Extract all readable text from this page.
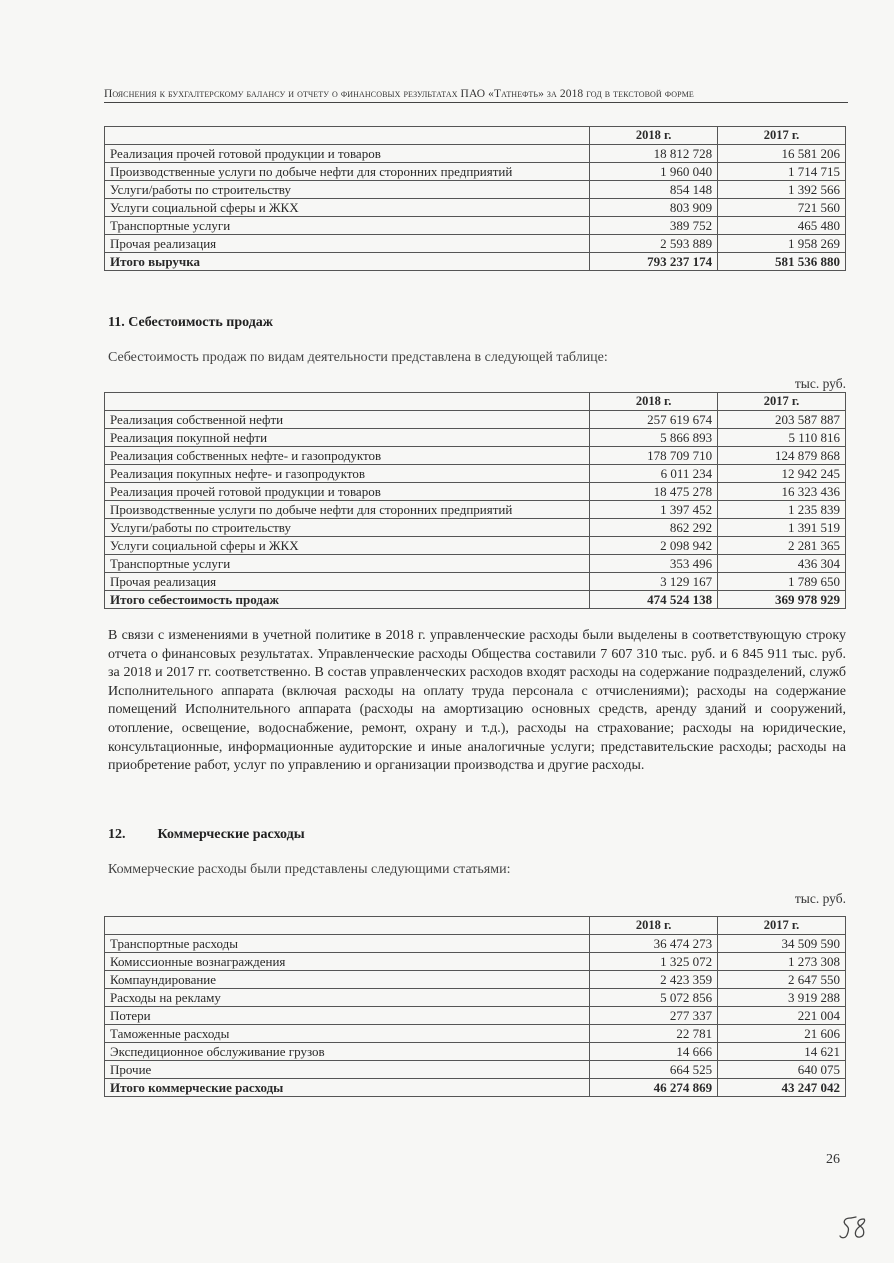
Пояснения к бухгалтерскому балансу и отчету о финансовых результатах ПАО «Татнефть» за 2018 год в текстовой форме
	2018 г.	2017 г.
Реализация прочей готовой продукции и товаров	18 812 728	16 581 206
Производственные услуги по добыче нефти для сторонних предприятий	1 960 040	1 714 715
Услуги/работы по строительству	854 148	1 392 566
Услуги социальной сферы и ЖКХ	803 909	721 560
Транспортные услуги	389 752	465 480
Прочая реализация	2 593 889	1 958 269
Итого выручка	793 237 174	581 536 880
11. Себестоимость продаж
Себестоимость продаж по видам деятельности представлена в следующей таблице:
тыс. руб.
	2018 г.	2017 г.
Реализация собственной нефти	257 619 674	203 587 887
Реализация покупной нефти	5 866 893	5 110 816
Реализация собственных нефте- и газопродуктов	178 709 710	124 879 868
Реализация покупных нефте- и газопродуктов	6 011 234	12 942 245
Реализация прочей готовой продукции и товаров	18 475 278	16 323 436
Производственные услуги по добыче нефти для сторонних предприятий	1 397 452	1 235 839
Услуги/работы по строительству	862 292	1 391 519
Услуги социальной сферы и ЖКХ	2 098 942	2 281 365
Транспортные услуги	353 496	436 304
Прочая реализация	3 129 167	1 789 650
Итого себестоимость продаж	474 524 138	369 978 929
В связи с изменениями в учетной политике в 2018 г. управленческие расходы были выделены в соответствующую строку отчета о финансовых результатах. Управленческие расходы Общества составили 7 607 310 тыс. руб. и 6 845 911 тыс. руб. за 2018 и 2017 гг. соответственно. В состав управленческих расходов входят расходы на содержание подразделений, служб Исполнительного аппарата (включая расходы на оплату труда персонала с отчислениями); расходы на содержание помещений Исполнительного аппарата (расходы на амортизацию основных средств, аренду зданий и сооружений, отопление, освещение, водоснабжение, ремонт, охрану и т.д.), расходы на страхование; расходы на юридические, консультационные, информационные аудиторские и иные аналогичные услуги; представительские расходы; расходы на приобретение работ, услуг по управлению и организации производства и другие расходы.
12. Коммерческие расходы
Коммерческие расходы были представлены следующими статьями:
тыс. руб.
	2018 г.	2017 г.
Транспортные расходы	36 474 273	34 509 590
Комиссионные вознаграждения	1 325 072	1 273 308
Компаундирование	2 423 359	2 647 550
Расходы на рекламу	5 072 856	3 919 288
Потери	277 337	221 004
Таможенные расходы	22 781	21 606
Экспедиционное обслуживание грузов	14 666	14 621
Прочие	664 525	640 075
Итого коммерческие расходы	46 274 869	43 247 042
26
